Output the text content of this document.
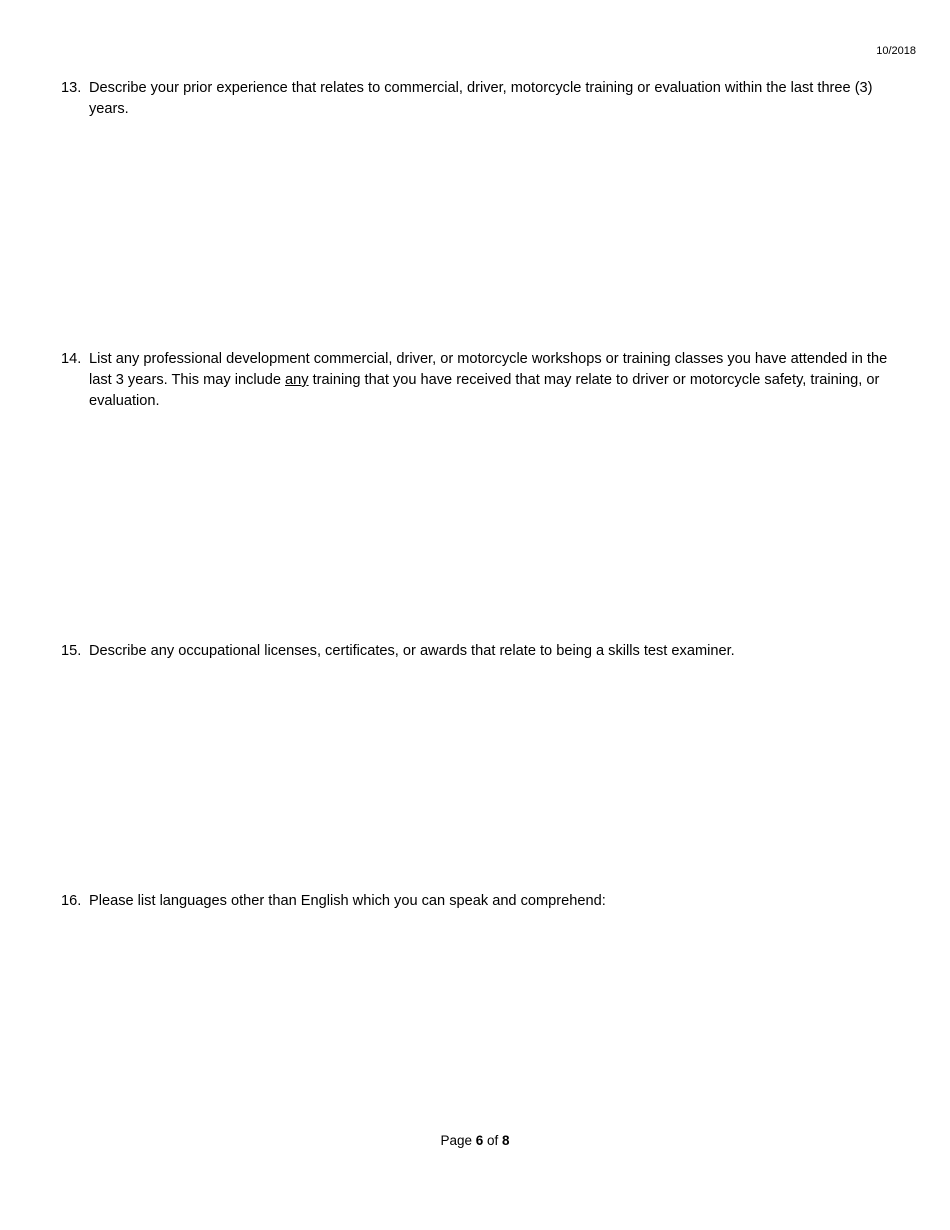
10/2018
13. Describe your prior experience that relates to commercial, driver, motorcycle training or evaluation within the last three (3) years.
14. List any professional development commercial, driver, or motorcycle workshops or training classes you have attended in the last 3 years. This may include any training that you have received that may relate to driver or motorcycle safety, training, or evaluation.
15. Describe any occupational licenses, certificates, or awards that relate to being a skills test examiner.
16. Please list languages other than English which you can speak and comprehend:
Page 6 of 8
